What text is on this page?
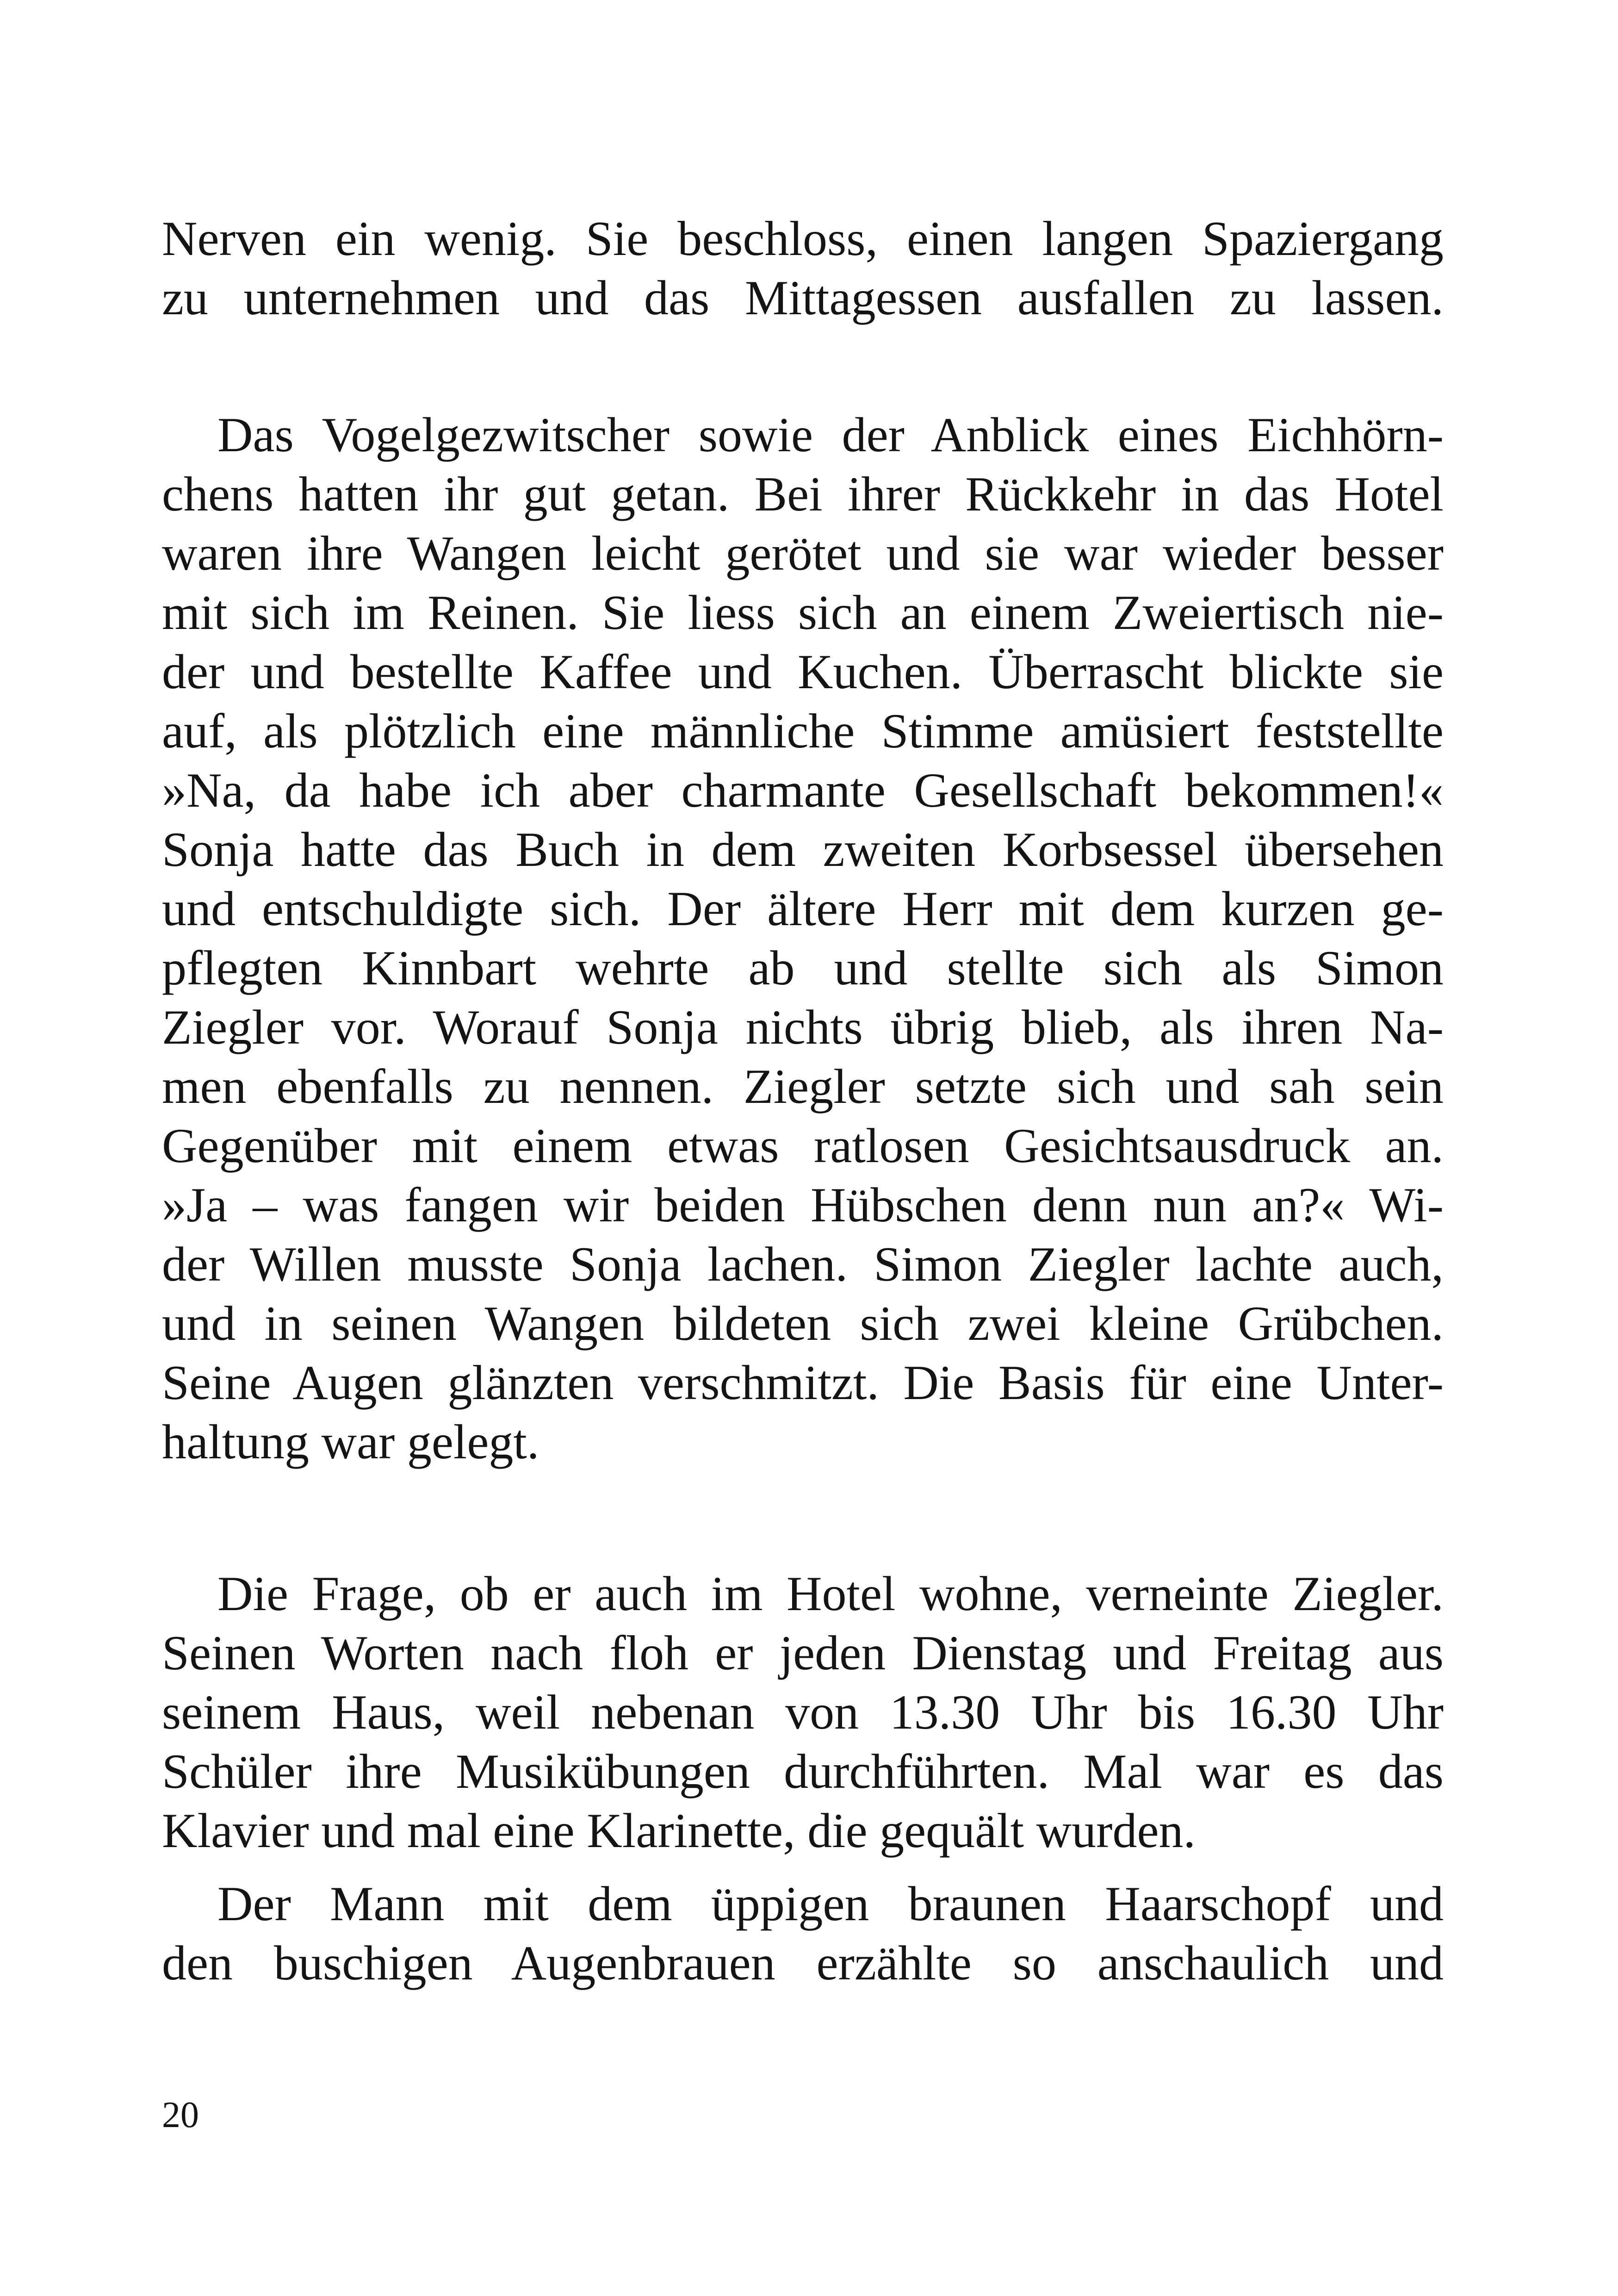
Nerven ein wenig. Sie beschloss, einen langen Spaziergang
zu unternehmen und das Mittagessen ausfallen zu lassen.
Das Vogelgezwitscher sowie der Anblick eines Eichhörn-
chens hatten ihr gut getan. Bei ihrer Rückkehr in das Hotel
waren ihre Wangen leicht gerötet und sie war wieder besser
mit sich im Reinen. Sie liess sich an einem Zweiertisch nie-
der und bestellte Kaffee und Kuchen. Überrascht blickte sie
auf, als plötzlich eine männliche Stimme amüsiert feststellte
»Na, da habe ich aber charmante Gesellschaft bekommen!«
Sonja hatte das Buch in dem zweiten Korbsessel übersehen
und entschuldigte sich. Der ältere Herr mit dem kurzen ge-
pflegten Kinnbart wehrte ab und stellte sich als Simon
Ziegler vor. Worauf Sonja nichts übrig blieb, als ihren Na-
men ebenfalls zu nennen. Ziegler setzte sich und sah sein
Gegenüber mit einem etwas ratlosen Gesichtsausdruck an.
»Ja – was fangen wir beiden Hübschen denn nun an?« Wi-
der Willen musste Sonja lachen. Simon Ziegler lachte auch,
und in seinen Wangen bildeten sich zwei kleine Grübchen.
Seine Augen glänzten verschmitzt. Die Basis für eine Unter-
haltung war gelegt.
Die Frage, ob er auch im Hotel wohne, verneinte Ziegler.
Seinen Worten nach floh er jeden Dienstag und Freitag aus
seinem Haus, weil nebenan von 13.30 Uhr bis 16.30 Uhr
Schüler ihre Musikübungen durchführten. Mal war es das
Klavier und mal eine Klarinette, die gequält wurden.
Der Mann mit dem üppigen braunen Haarschopf und
den buschigen Augenbrauen erzählte so anschaulich und
20
